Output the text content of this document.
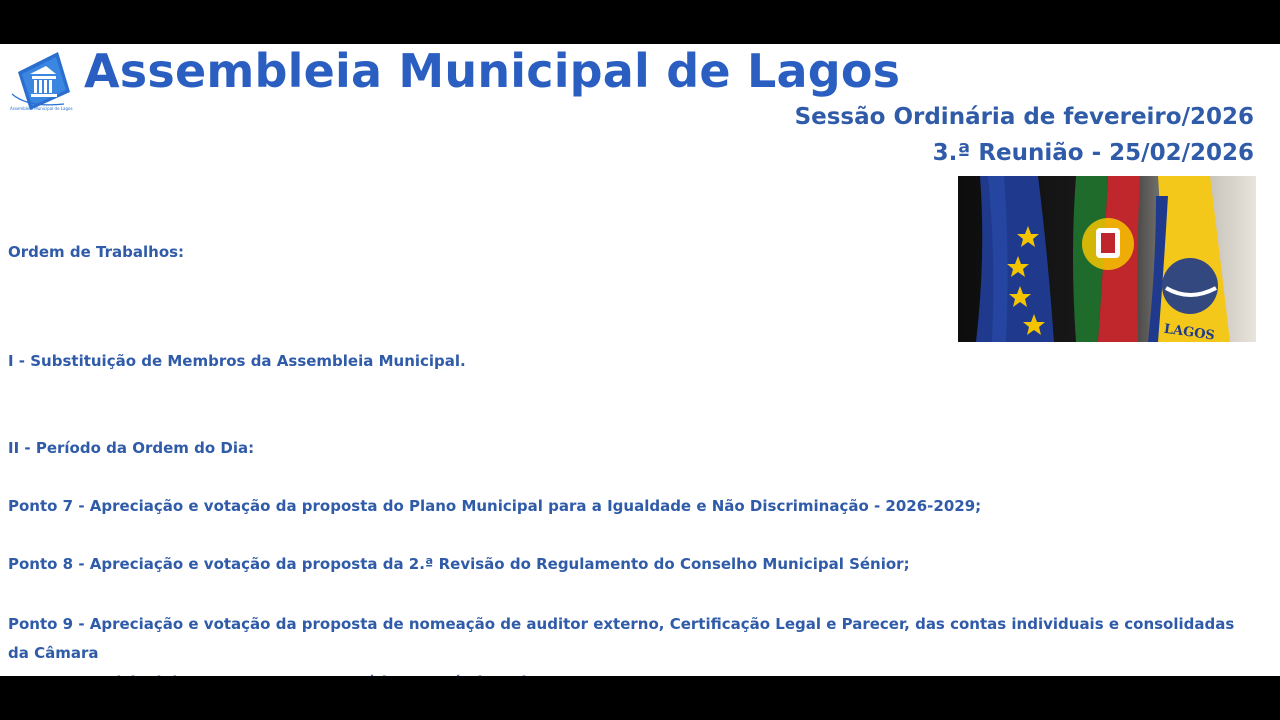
Assembleia Municipal de Lagos
Assembleia Municipal de Lagos
Sessão Ordinária de fevereiro/2026
3.ª Reunião - 25/02/2026
LAGOS
Ordem de Trabalhos:
I - Substituição de Membros da Assembleia Municipal.
II - Período da Ordem do Dia:
Ponto 7 - Apreciação e votação da proposta do Plano Municipal para a Igualdade e Não Discriminação - 2026-2029;
Ponto 8 - Apreciação e votação da proposta da 2.ª Revisão do Regulamento do Conselho Municipal Sénior;
Ponto 9 - Apreciação e votação da proposta de nomeação de auditor externo, Certificação Legal e Parecer, das contas individuais e consolidadas da Câmara
